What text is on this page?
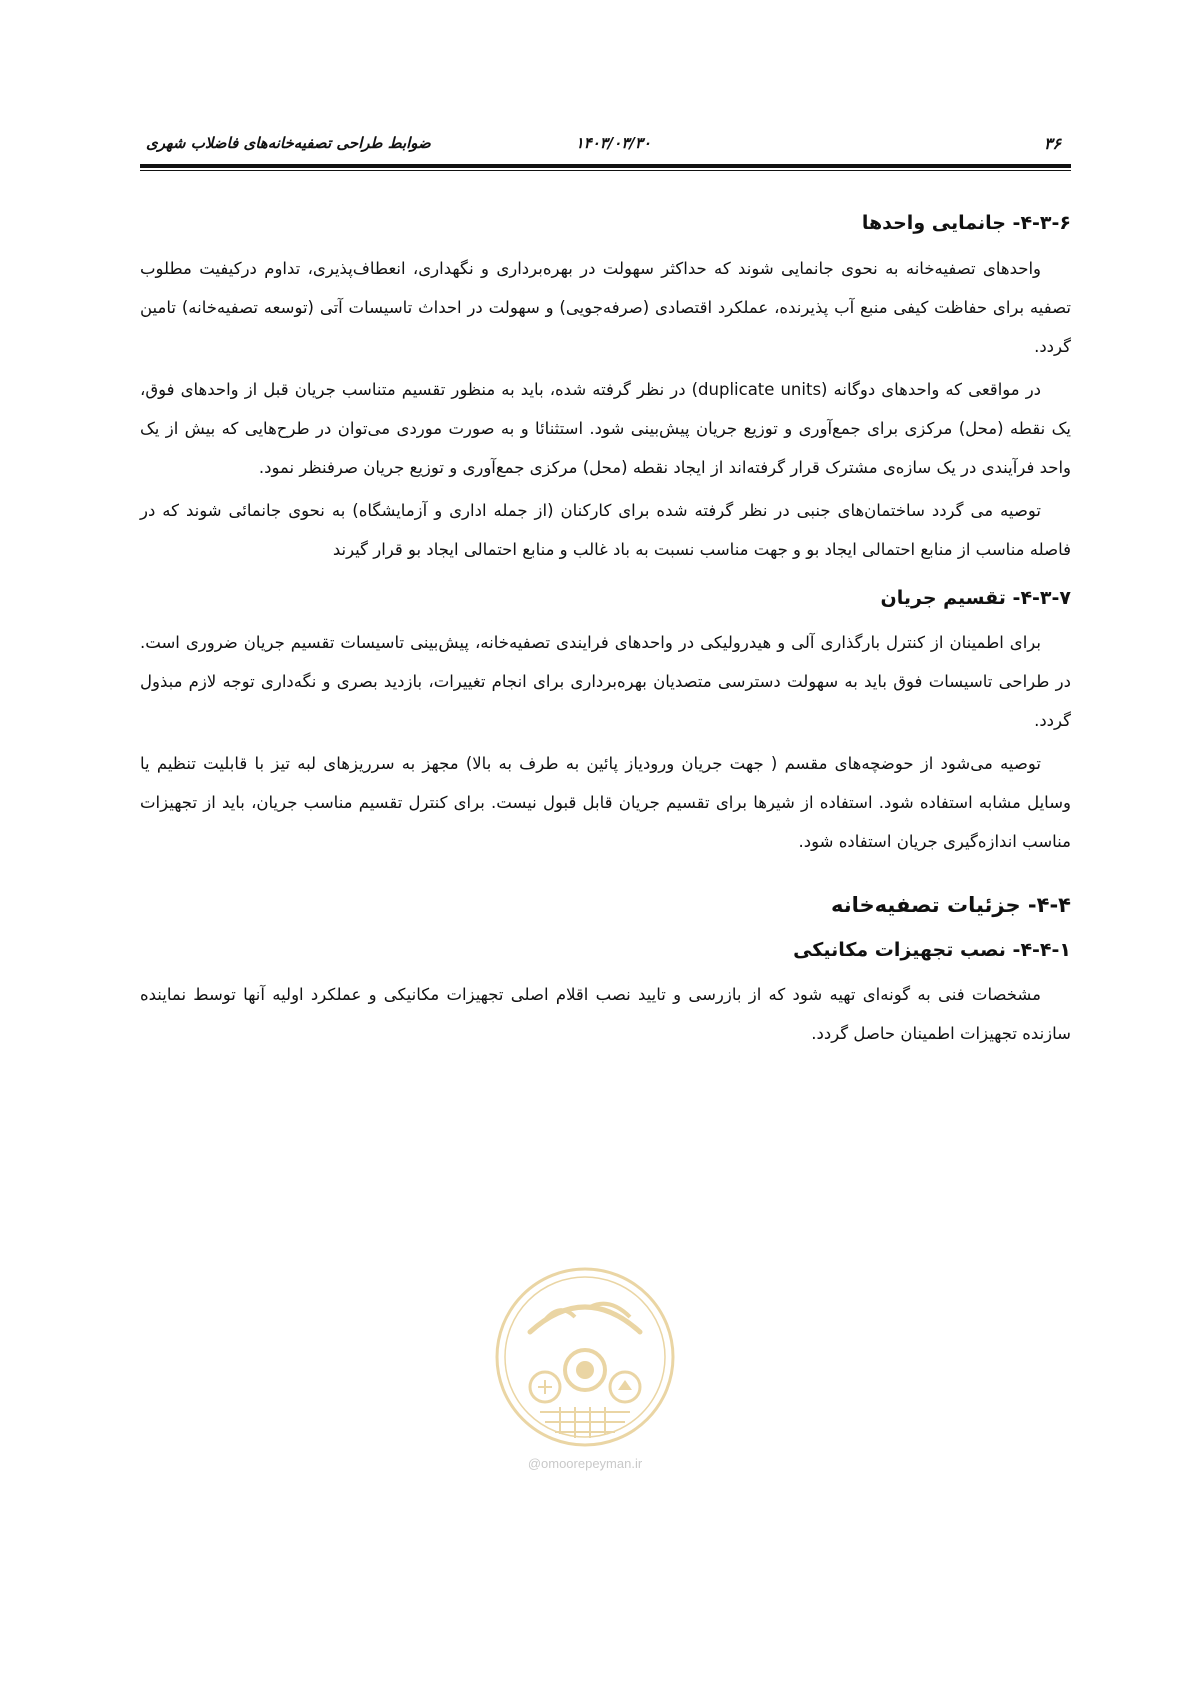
۳۶
۱۴۰۳/۰۳/۳۰
ضوابط طراحی تصفیه‌خانه‌های فاضلاب شهری
۴-۳-۶- جانمایی واحدها

واحدهای تصفیه‌خانه به نحوی جانمایی شوند که حداکثر سهولت در بهره‌برداری و نگهداری، انعطاف‌پذیری، تداوم درکیفیت مطلوب تصفیه برای حفاظت کیفی منبع آب پذیرنده، عملکرد اقتصادی (صرفه‌جویی) و سهولت در احداث تاسیسات آتی (توسعه تصفیه‌خانه) تامین گردد.

در مواقعی که واحدهای دوگانه (duplicate units) در نظر گرفته شده، باید به منظور تقسیم متناسب جریان قبل از واحدهای فوق، یک نقطه (محل) مرکزی برای جمع‌آوری و توزیع جریان پیش‌بینی شود. استثنائا و به صورت موردی می‌توان در طرح‌هایی که بیش از یک واحد فرآیندی در یک سازه‌ی مشترک قرار گرفته‌اند از ایجاد نقطه (محل) مرکزی جمع‌آوری و توزیع جریان صرفنظر نمود.

توصیه می گردد ساختمان‌های جنبی در نظر گرفته شده برای کارکنان (از جمله اداری و آزمایشگاه) به نحوی جانمائی شوند که در فاصله مناسب از منابع احتمالی ایجاد بو و جهت مناسب نسبت به باد غالب و منابع احتمالی ایجاد بو قرار گیرند

۴-۳-۷- تقسیم جریان

برای اطمینان از کنترل بارگذاری آلی و هیدرولیکی در واحدهای فرایندی تصفیه‌خانه، پیش‌بینی تاسیسات تقسیم جریان ضروری است. در طراحی تاسیسات فوق باید به سهولت دسترسی متصدیان بهره‌برداری برای انجام تغییرات، بازدید بصری و نگه‌داری توجه لازم مبذول گردد.

توصیه می‌شود از حوضچه‌های مقسم ( جهت جریان ورودیاز پائین به طرف به بالا) مجهز به سرریزهای لبه تیز با قابلیت تنظیم یا وسایل مشابه استفاده شود. استفاده از شیرها برای تقسیم جریان قابل قبول نیست. برای کنترل تقسیم مناسب جریان، باید از تجهیزات مناسب اندازه‌گیری جریان استفاده شود.

۴-۴- جزئیات تصفیه‌خانه
۴-۴-۱- نصب تجهیزات مکانیکی

مشخصات فنی به گونه‌ای تهیه شود که از بازرسی و تایید نصب اقلام اصلی تجهیزات مکانیکی و عملکرد اولیه آنها توسط نماینده سازنده تجهیزات اطمینان حاصل گردد.

@omoorepeyman.ir
